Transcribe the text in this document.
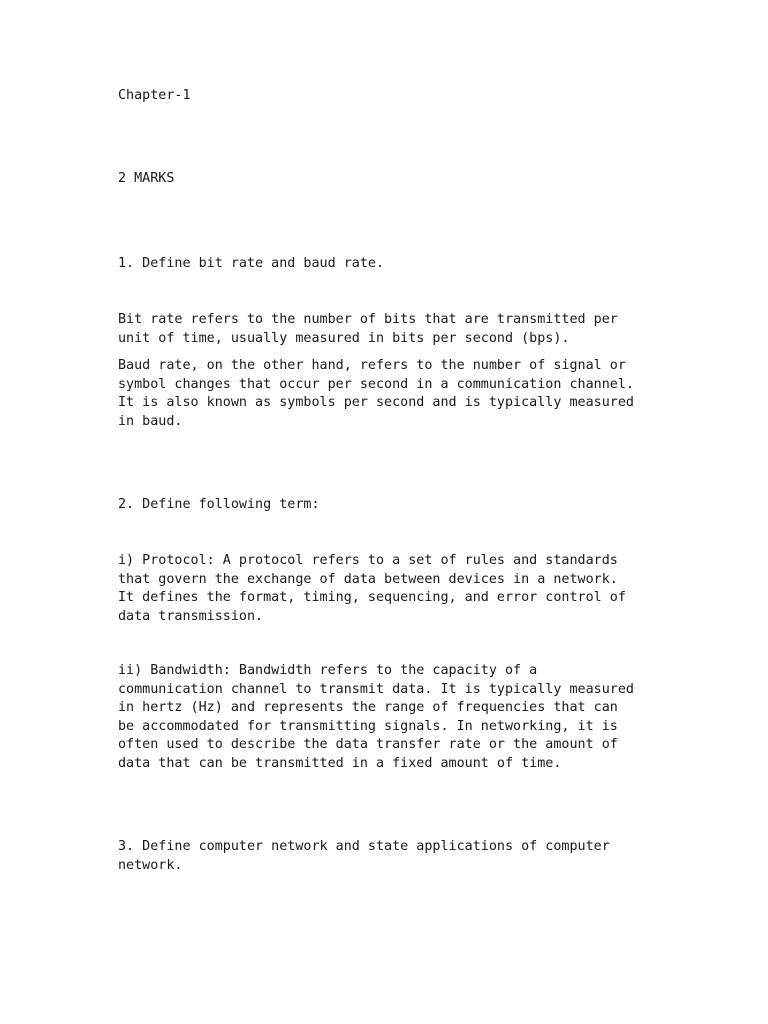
Chapter-1

2 MARKS

1. Define bit rate and baud rate.

Bit rate refers to the number of bits that are transmitted per
unit of time, usually measured in bits per second (bps).

Baud rate, on the other hand, refers to the number of signal or
symbol changes that occur per second in a communication channel.
It is also known as symbols per second and is typically measured
in baud.

2. Define following term:

i) Protocol: A protocol refers to a set of rules and standards
that govern the exchange of data between devices in a network.
It defines the format, timing, sequencing, and error control of
data transmission.

ii) Bandwidth: Bandwidth refers to the capacity of a
communication channel to transmit data. It is typically measured
in hertz (Hz) and represents the range of frequencies that can
be accommodated for transmitting signals. In networking, it is
often used to describe the data transfer rate or the amount of
data that can be transmitted in a fixed amount of time.

3. Define computer network and state applications of computer
network.
